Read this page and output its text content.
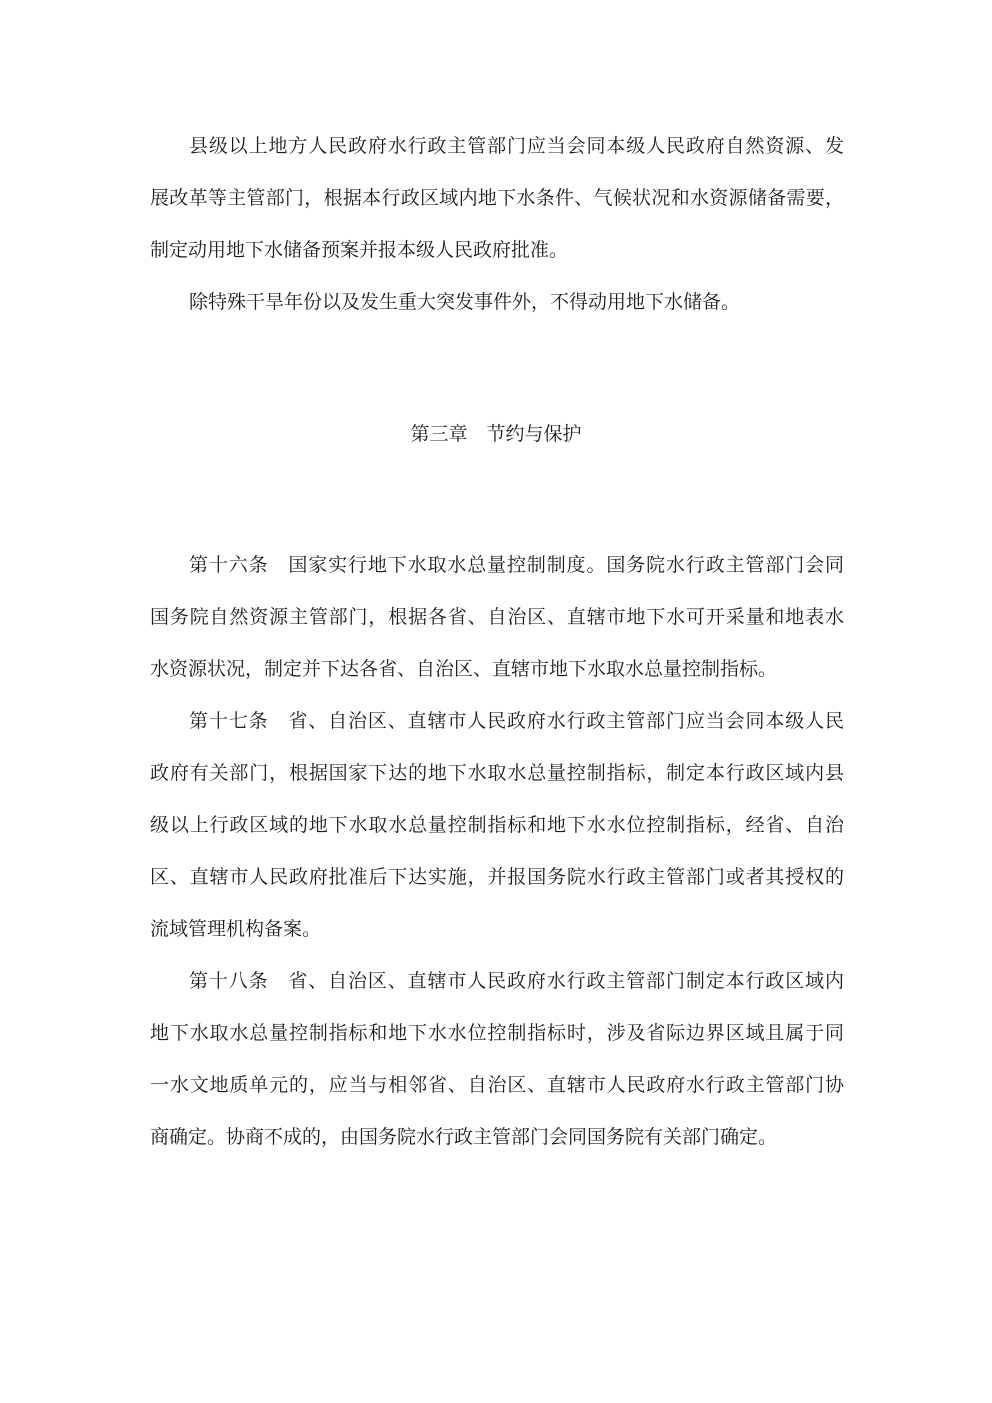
县级以上地方人民政府水行政主管部门应当会同本级人民政府自然资源、发
展改革等主管部门，根据本行政区域内地下水条件、气候状况和水资源储备需要，
制定动用地下水储备预案并报本级人民政府批准。
除特殊干旱年份以及发生重大突发事件外，不得动用地下水储备。
第三章　节约与保护
第十六条　国家实行地下水取水总量控制制度。国务院水行政主管部门会同
国务院自然资源主管部门，根据各省、自治区、直辖市地下水可开采量和地表水
水资源状况，制定并下达各省、自治区、直辖市地下水取水总量控制指标。
第十七条　省、自治区、直辖市人民政府水行政主管部门应当会同本级人民
政府有关部门，根据国家下达的地下水取水总量控制指标，制定本行政区域内县
级以上行政区域的地下水取水总量控制指标和地下水水位控制指标，经省、自治
区、直辖市人民政府批准后下达实施，并报国务院水行政主管部门或者其授权的
流域管理机构备案。
第十八条　省、自治区、直辖市人民政府水行政主管部门制定本行政区域内
地下水取水总量控制指标和地下水水位控制指标时，涉及省际边界区域且属于同
一水文地质单元的，应当与相邻省、自治区、直辖市人民政府水行政主管部门协
商确定。协商不成的，由国务院水行政主管部门会同国务院有关部门确定。
